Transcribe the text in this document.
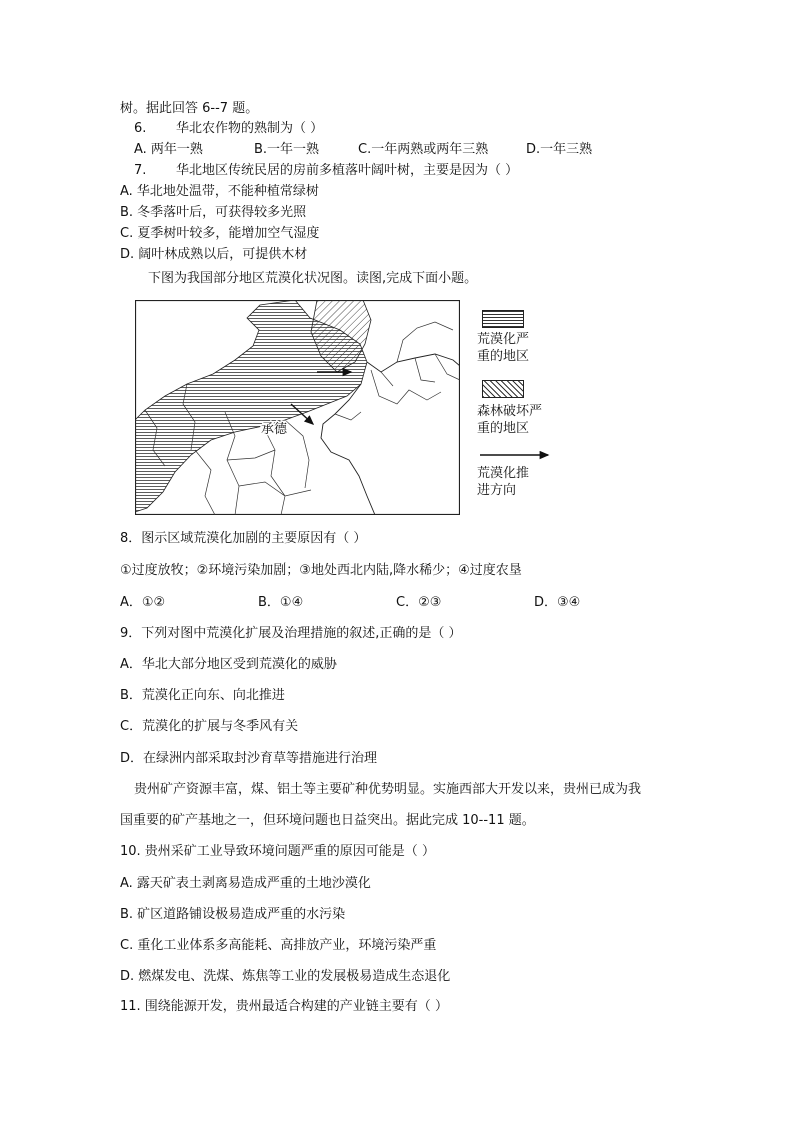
树。据此回答 6--7 题。
6. 华北农作物的熟制为（ ）
A. 两年一熟	B.一年一熟	C.一年两熟或两年三熟	D.一年三熟
7. 华北地区传统民居的房前多植落叶阔叶树，主要是因为（ ）
A. 华北地处温带，不能种植常绿树
B. 冬季落叶后，可获得较多光照
C. 夏季树叶较多，能增加空气湿度
D. 阔叶林成熟以后，可提供木材
下图为我国部分地区荒漠化状况图。读图,完成下面小题。
承德
荒漠化严
重的地区
森林破坏严
重的地区
荒漠化推
进方向
8．图示区域荒漠化加剧的主要原因有（ ）
①过度放牧；②环境污染加剧；③地处西北内陆,降水稀少；④过度农垦
A．①②	B．①④	C．②③	D．③④
9．下列对图中荒漠化扩展及治理措施的叙述,正确的是（ ）
A．华北大部分地区受到荒漠化的威胁
B．荒漠化正向东、向北推进
C．荒漠化的扩展与冬季风有关
D．在绿洲内部采取封沙育草等措施进行治理
贵州矿产资源丰富，煤、铝土等主要矿种优势明显。实施西部大开发以来，贵州已成为我
国重要的矿产基地之一，但环境问题也日益突出。据此完成 10--11 题。
10. 贵州采矿工业导致环境问题严重的原因可能是（ ）
A. 露天矿表土剥离易造成严重的土地沙漠化
B. 矿区道路铺设极易造成严重的水污染
C. 重化工业体系多高能耗、高排放产业，环境污染严重
D. 燃煤发电、洗煤、炼焦等工业的发展极易造成生态退化
11. 围绕能源开发，贵州最适合构建的产业链主要有（ ）
